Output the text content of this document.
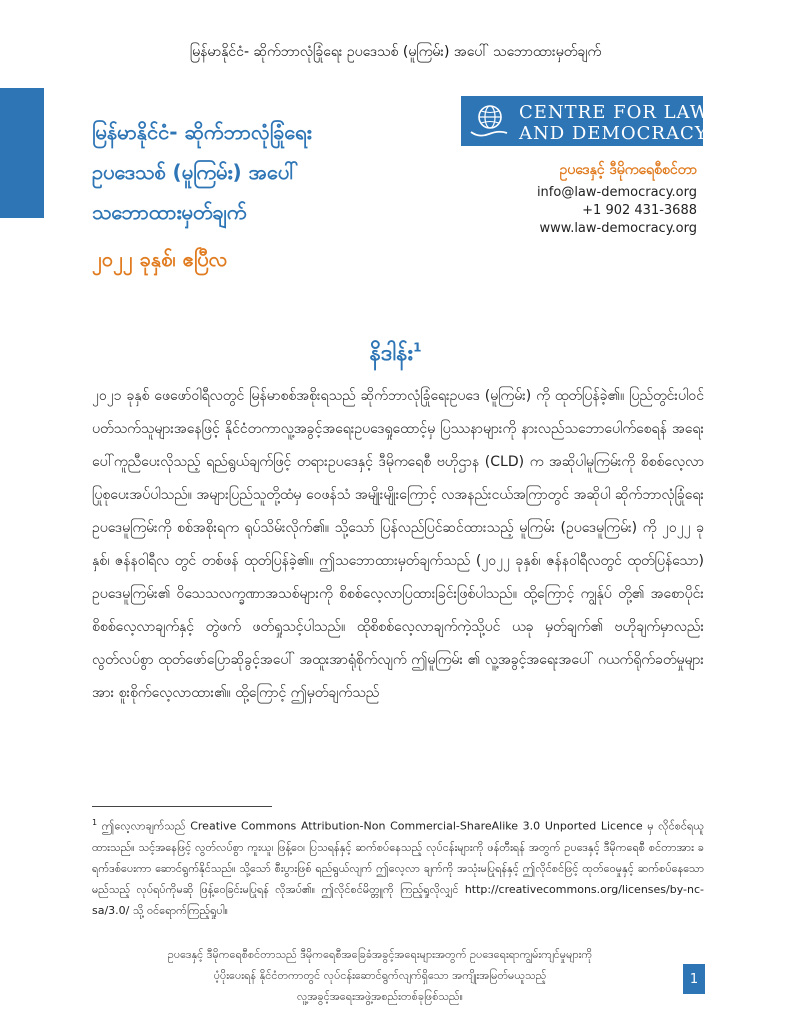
မြန်မာနိုင်ငံ- ဆိုက်ဘာလုံခြုံရေး ဥပဒေသစ် (မူကြမ်း) အပေါ် သဘောထားမှတ်ချက်
မြန်မာနိုင်ငံ- ဆိုက်ဘာလုံခြုံရေး
ဥပဒေသစ် (မူကြမ်း) အပေါ်
သဘောထားမှတ်ချက်
၂၀၂၂ ခုနှစ်၊ ဧပြီလ
CENTRE FOR LAW
AND DEMOCRACY
ဥပဒေနှင့် ဒီမိုကရေစီစင်တာ
info@law-democracy.org
+1 902 431-3688
www.law-democracy.org
နိဒါန်း$^1$

၂၀၂၁ ခုနှစ် ဖေဖော်ဝါရီလတွင် မြန်မာစစ်အစိုးရသည် ဆိုက်ဘာလုံခြုံရေးဥပဒေ (မူကြမ်း) ကို ထုတ်ပြန်ခဲ့၏။ ပြည်တွင်းပါဝင်ပတ်သက်သူများအနေဖြင့် နိုင်ငံတကာလူ့အခွင့်အရေးဥပဒေရှုထောင့်မှ ပြဿနာများကို နားလည်သဘောပေါက်စေရန် အရေးပေါ်ကူညီပေးလိုသည့် ရည်ရွယ်ချက်ဖြင့် တရားဥပဒေနှင့် ဒီမိုကရေစီ ဗဟိုဌာန (CLD) က အဆိုပါမူကြမ်းကို စိစစ်လေ့လာ ပြုစုပေးအပ်ပါသည်။ အများပြည်သူတို့ထံမှ ဝေဖန်သံ အမျိုးမျိုးကြောင့် လအနည်းငယ်အကြာတွင် အဆိုပါ ဆိုက်ဘာလုံခြုံရေးဥပဒေမူကြမ်းကို စစ်အစိုးရက ရုပ်သိမ်းလိုက်၏။ သို့သော် ပြန်လည်ပြင်ဆင်ထားသည့် မူကြမ်း (ဥပဒေမူကြမ်း) ကို ၂၀၂၂ ခုနှစ်၊ ဇန်နဝါရီလ တွင် တစ်ဖန် ထုတ်ပြန်ခဲ့၏။ ဤသဘောထားမှတ်ချက်သည် (၂၀၂၂ ခုနှစ်၊ ဇန်နဝါရီလတွင် ထုတ်ပြန်သော) ဥပဒေမူကြမ်း၏ ဝိသေသလက္ခဏာအသစ်များကို စိစစ်လေ့လာပြထားခြင်းဖြစ်ပါသည်။ ထို့ကြောင့် ကျွန်ုပ် တို့၏ အစောပိုင်း စိစစ်လေ့လာချက်နှင့် တွဲဖက် ဖတ်ရှုသင့်ပါသည်။ ထိုစိစစ်လေ့လာချက်ကဲ့သို့ပင် ယခု မှတ်ချက်၏ ဗဟိုချက်မှာလည်း လွတ်လပ်စွာ ထုတ်ဖော်ပြောဆိုခွင့်အပေါ် အထူးအာရုံစိုက်လျက် ဤမူကြမ်း ၏ လူ့အခွင့်အရေးအပေါ် ဂယက်ရိုက်ခတ်မှုများအား စူးစိုက်လေ့လာထား၏။ ထို့ကြောင့် ဤမှတ်ချက်သည်

$^1$ ဤလေ့လာချက်သည် Creative Commons Attribution-Non Commercial-ShareAlike 3.0 Unported Licence မှ လိုင်စင်ရယူထားသည်။ သင့်အနေဖြင့် လွတ်လပ်စွာ ကူးယူ၊ ဖြန့်ဝေ၊ ပြသရန်နှင့် ဆက်စပ်နေသည့် လုပ်ငန်းများကို ဖန်တီးရန် အတွက် ဥပဒေနှင့် ဒီမိုကရေစီ စင်တာအား ခရက်ဒစ်ပေးကာ ဆောင်ရွက်နိုင်သည်။ သို့သော် စီးပွားဖြစ် ရည်ရွယ်လျက် ဤလေ့လာ ချက်ကို အသုံးမပြုရန်နှင့် ဤလိုင်စင်ဖြင့် ထုတ်ဝေမှုနှင့် ဆက်စပ်နေသော မည်သည့် လုပ်ရပ်ကိုမဆို ဖြန့်ဝေခြင်းမပြုရန် လိုအပ်၏။ ဤလိုင်စင်မိတ္တူကို ကြည့်ရှုလိုလျှင် http://creativecommons.org/licenses/by-nc-sa/3.0/ သို့ ဝင်ရောက်ကြည့်ရှုပါ။
ဥပဒေနှင့် ဒီမိုကရေစီစင်တာသည် ဒီမိုကရေစီအခြေခံအခွင့်အရေးများအတွက် ဥပဒေရေးရာကျွမ်းကျင်မှုများကို
ပံ့ပိုးပေးရန် နိုင်ငံတကာတွင် လုပ်ငန်းဆောင်ရွက်လျက်ရှိသော အကျိုးအမြတ်မယူသည့်
လူ့အခွင့်အရေးအဖွဲ့အစည်းတစ်ခုဖြစ်သည်။
1
